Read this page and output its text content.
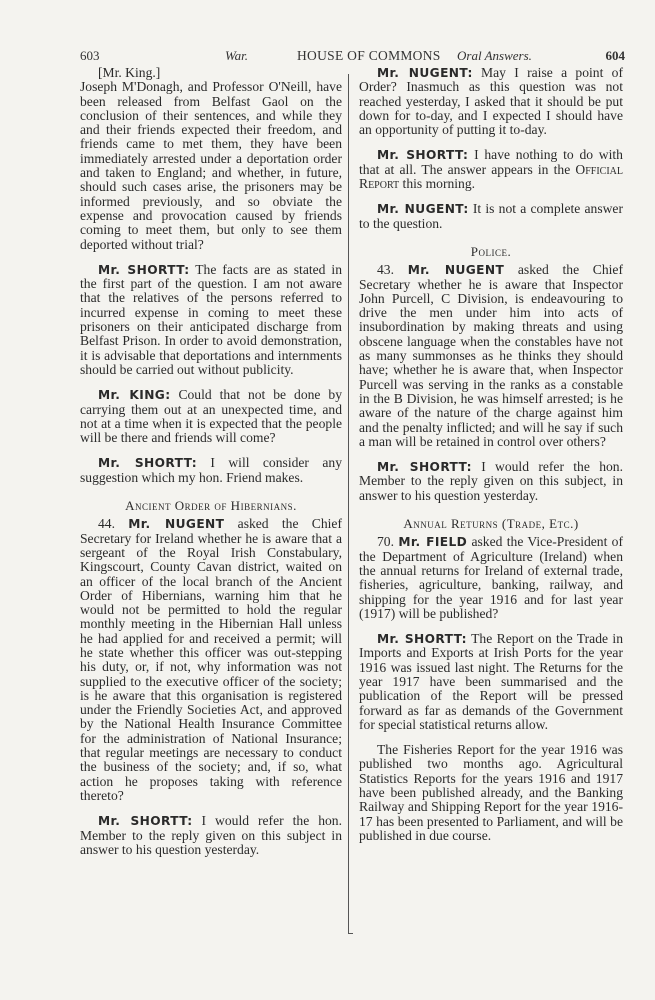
603	War.	HOUSE OF COMMONS Oral Answers.	604

[Mr. King.]

Joseph M'Donagh, and Professor O'Neill, have been released from Belfast Gaol on the conclusion of their sentences, and while they and their friends expected their freedom, and friends came to met them, they have been immediately arrested under a deportation order and taken to England; and whether, in future, should such cases arise, the prisoners may be informed previously, and so obviate the expense and provocation caused by friends coming to meet them, but only to see them deported without trial?

Mr. SHORTT: The facts are as stated in the first part of the question. I am not aware that the relatives of the persons referred to incurred expense in coming to meet these prisoners on their anticipated discharge from Belfast Prison. In order to avoid demonstration, it is advisable that deportations and internments should be carried out without publicity.

Mr. KING: Could that not be done by carrying them out at an unexpected time, and not at a time when it is expected that the people will be there and friends will come?

Mr. SHORTT: I will consider any suggestion which my hon. Friend makes.

Ancient Order of Hibernians.

44. Mr. NUGENT asked the Chief Secretary for Ireland whether he is aware that a sergeant of the Royal Irish Constabulary, Kingscourt, County Cavan district, waited on an officer of the local branch of the Ancient Order of Hibernians, warning him that he would not be permitted to hold the regular monthly meeting in the Hibernian Hall unless he had applied for and received a permit; will he state whether this officer was out-stepping his duty, or, if not, why information was not supplied to the executive officer of the society; is he aware that this organisation is registered under the Friendly Societies Act, and approved by the National Health Insurance Committee for the administration of National Insurance; that regular meetings are necessary to conduct the business of the society; and, if so, what action he proposes taking with reference thereto?

Mr. SHORTT: I would refer the hon. Member to the reply given on this subject in answer to his question yesterday.

Mr. NUGENT: May I raise a point of Order? Inasmuch as this question was not reached yesterday, I asked that it should be put down for to-day, and I expected I should have an opportunity of putting it to-day.

Mr. SHORTT: I have nothing to do with that at all. The answer appears in the Official Report this morning.

Mr. NUGENT: It is not a complete answer to the question.

Police.

43. Mr. NUGENT asked the Chief Secretary whether he is aware that Inspector John Purcell, C Division, is endeavouring to drive the men under him into acts of insubordination by making threats and using obscene language when the constables have not as many summonses as he thinks they should have; whether he is aware that, when Inspector Purcell was serving in the ranks as a constable in the B Division, he was himself arrested; is he aware of the nature of the charge against him and the penalty inflicted; and will he say if such a man will be retained in control over others?

Mr. SHORTT: I would refer the hon. Member to the reply given on this subject, in answer to his question yesterday.

Annual Returns (Trade, Etc.)

70. Mr. FIELD asked the Vice-President of the Department of Agriculture (Ireland) when the annual returns for Ireland of external trade, fisheries, agriculture, banking, railway, and shipping for the year 1916 and for last year (1917) will be published?

Mr. SHORTT: The Report on the Trade in Imports and Exports at Irish Ports for the year 1916 was issued last night. The Returns for the year 1917 have been summarised and the publication of the Report will be pressed forward as far as demands of the Government for special statistical returns allow.

The Fisheries Report for the year 1916 was published two months ago. Agricultural Statistics Reports for the years 1916 and 1917 have been published already, and the Banking Railway and Shipping Report for the year 1916-17 has been presented to Parliament, and will be published in due course.
